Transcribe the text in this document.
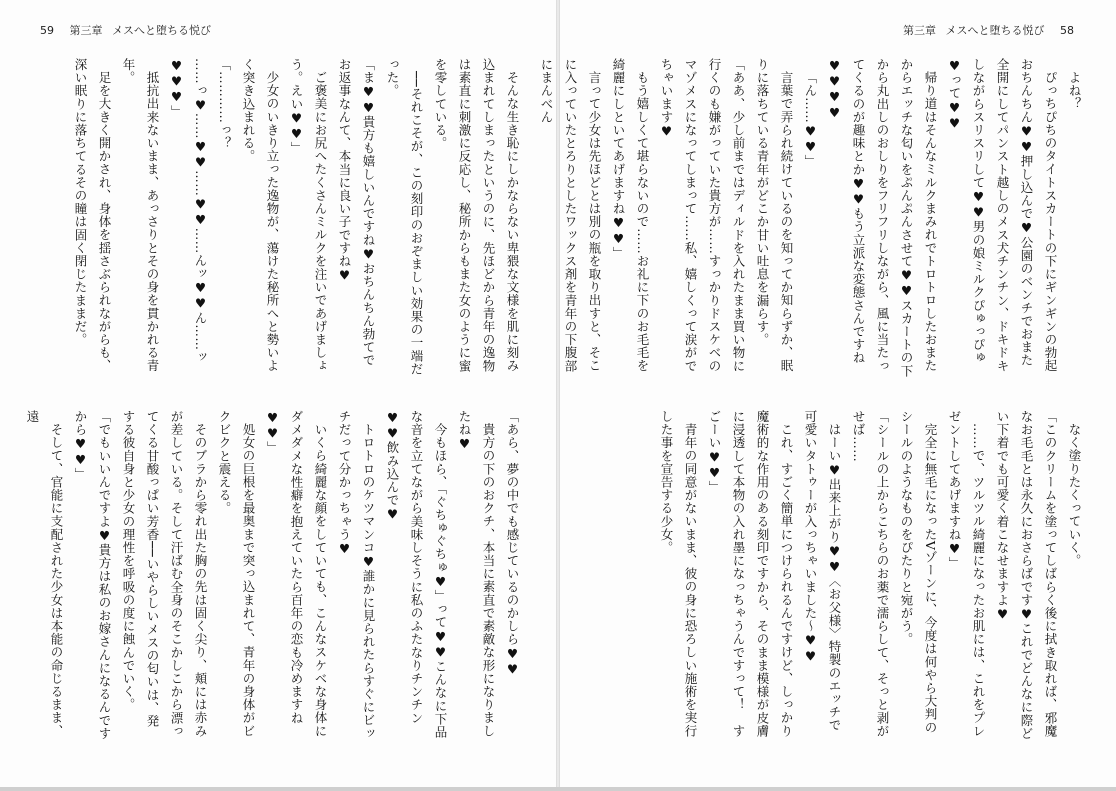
59 第三章 メスへと堕ちる悦び

そんな生き恥にしかならない卑猥な文様を肌に刻み込まれてしまったというのに、先ほどから青年の逸物は素直に刺激に反応し、秘所からもまた女のように蜜を零している。

──それこそが、この刻印のおぞましい効果の一端だった。

「ま♥♥貴方も嬉しいんですね♥おちんちん勃てでお返事なんて、本当に良い子ですね♥

ご褒美にお尻へたくさんミルクを注いであげましょう。えい♥♥」

少女のいきり立った逸物が、蕩けた秘所へと勢いよく突き込まれる。

「…………っ？

……っ♥……♥♥……♥♥……んッ♥♥ん……ッ♥♥♥」

抵抗出来ないまま、あっさりとその身を貫かれる青年。

足を大きく開かされ、身体を揺さぶられながらも、深い眠りに落ちてるその瞳は固く閉じたままだ。

「あら、夢の中でも感じているのかしら♥♥

貴方の下のおクチ、本当に素直で素敵な形になりましたね♥

今もほら、「ぐちゅぐちゅ♥」って♥♥こんなに下品な音を立てながら美味しそうに私のふたなりチンチン♥♥飲み込んで♥

トロトロのケツマンコ♥誰かに見られたらすぐにビッチだって分かっちゃう♥

いくら綺麗な顔をしていても、こんなスケベな身体にダメダメな性癖を抱えていたら百年の恋も冷めますね♥♥」

処女の巨根を最奥まで突っ込まれて、青年の身体がビクビクと震える。

そのブラから零れ出た胸の先は固く尖り、頬には赤みが差している。そして汗ばむ全身のそこかしこから漂ってくる甘酸っぱい芳香──いやらしいメスの匂いは、発する彼自身と少女の理性を呼吸の度に蝕んでいく。

「でもいいんですよ♥貴方は私のお嫁さんになるんですから♥♥」

そして、官能に支配された少女は本能の命じるまま、遠

第三章 メスへと堕ちる悦び 58

よね？

ぴっちぴちのタイトスカートの下にギンギンの勃起おちんちん♥♥押し込んで♥公園のベンチでおまた全開にしてパンスト越しのメス犬チンチン、ドキドキしながらスリスリして♥♥男の娘ミルクぴゅっぴゅ♥って♥♥

帰り道はそんなミルクまみれでトロトロしたおまたからエッチな匂いをぷんぷんさせて♥♥スカートの下から丸出しのおしりをフリフリしながら、風に当たってくるのが趣味とか♥♥もう立派な変態さんですね♥♥♥♥

「ん……♥♥」

言葉で弄られ続けているのを知ってか知らずか、眠りに落ちている青年がどこか甘い吐息を漏らす。

「ああ、少し前まではディルドを入れたまま買い物に行くのも嫌がっていた貴方が……すっかりドスケベのマゾメスになってしまって……私、嬉しくって涙がでちゃいます♥

もう嬉しくて堪らないので……お礼に下のお毛毛を綺麗にしといてあげますね♥♥」

言って少女は先ほどとは別の瓶を取り出すと、そこに入っていたとろりとしたワックス剤を青年の下腹部にまんべん

なく塗りたくっていく。

「このクリームを塗ってしばらく後に拭き取れば、邪魔なお毛毛とは永久におさらばです♥これでどんなに際どい下着でも可愛く着こなせますよ♥

……で、ツルツル綺麗になったお肌には、これをプレゼントしてあげますね♥」

完全に無毛になったVゾーンに、今度は何やら大判のシールのようなものをぴたりと宛がう。

「シールの上からこちらのお薬で濡らして、そっと剥がせば……

はーい♥出来上がり♥♥〈お父様〉特製のエッチで可愛いタトゥーが入っちゃいました～♥♥

これ、すごく簡単につけられるんですけど、しっかり魔術的な作用のある刻印ですから、そのまま模様が皮膚に浸透して本物の入れ墨になっちゃうんですって！　すごーい♥♥」

青年の同意がないまま、彼の身に恐ろしい施術を実行した事を宣告する少女。
